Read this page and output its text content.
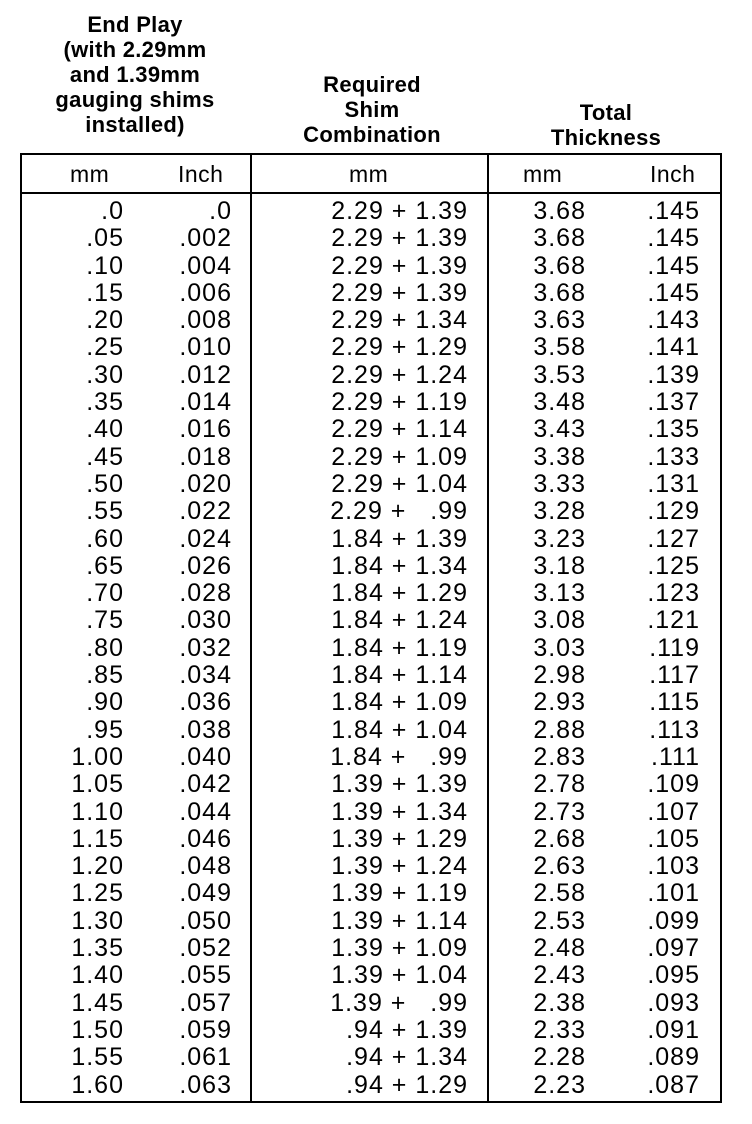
End Play
(with 2.29mm
and 1.39mm
gauging shims
installed)
Required
Shim
Combination
Total
Thickness
mm	Inch	mm	mm	Inch
.0	.0	2.29 + 1.39	3.68	.145
.05	.002	2.29 + 1.39	3.68	.145
.10	.004	2.29 + 1.39	3.68	.145
.15	.006	2.29 + 1.39	3.68	.145
.20	.008	2.29 + 1.34	3.63	.143
.25	.010	2.29 + 1.29	3.58	.141
.30	.012	2.29 + 1.24	3.53	.139
.35	.014	2.29 + 1.19	3.48	.137
.40	.016	2.29 + 1.14	3.43	.135
.45	.018	2.29 + 1.09	3.38	.133
.50	.020	2.29 + 1.04	3.33	.131
.55	.022	2.29 +   .99	3.28	.129
.60	.024	1.84 + 1.39	3.23	.127
.65	.026	1.84 + 1.34	3.18	.125
.70	.028	1.84 + 1.29	3.13	.123
.75	.030	1.84 + 1.24	3.08	.121
.80	.032	1.84 + 1.19	3.03	.119
.85	.034	1.84 + 1.14	2.98	.117
.90	.036	1.84 + 1.09	2.93	.115
.95	.038	1.84 + 1.04	2.88	.113
1.00	.040	1.84 +   .99	2.83	.111
1.05	.042	1.39 + 1.39	2.78	.109
1.10	.044	1.39 + 1.34	2.73	.107
1.15	.046	1.39 + 1.29	2.68	.105
1.20	.048	1.39 + 1.24	2.63	.103
1.25	.049	1.39 + 1.19	2.58	.101
1.30	.050	1.39 + 1.14	2.53	.099
1.35	.052	1.39 + 1.09	2.48	.097
1.40	.055	1.39 + 1.04	2.43	.095
1.45	.057	1.39 +   .99	2.38	.093
1.50	.059	.94 + 1.39	2.33	.091
1.55	.061	.94 + 1.34	2.28	.089
1.60	.063	.94 + 1.29	2.23	.087
